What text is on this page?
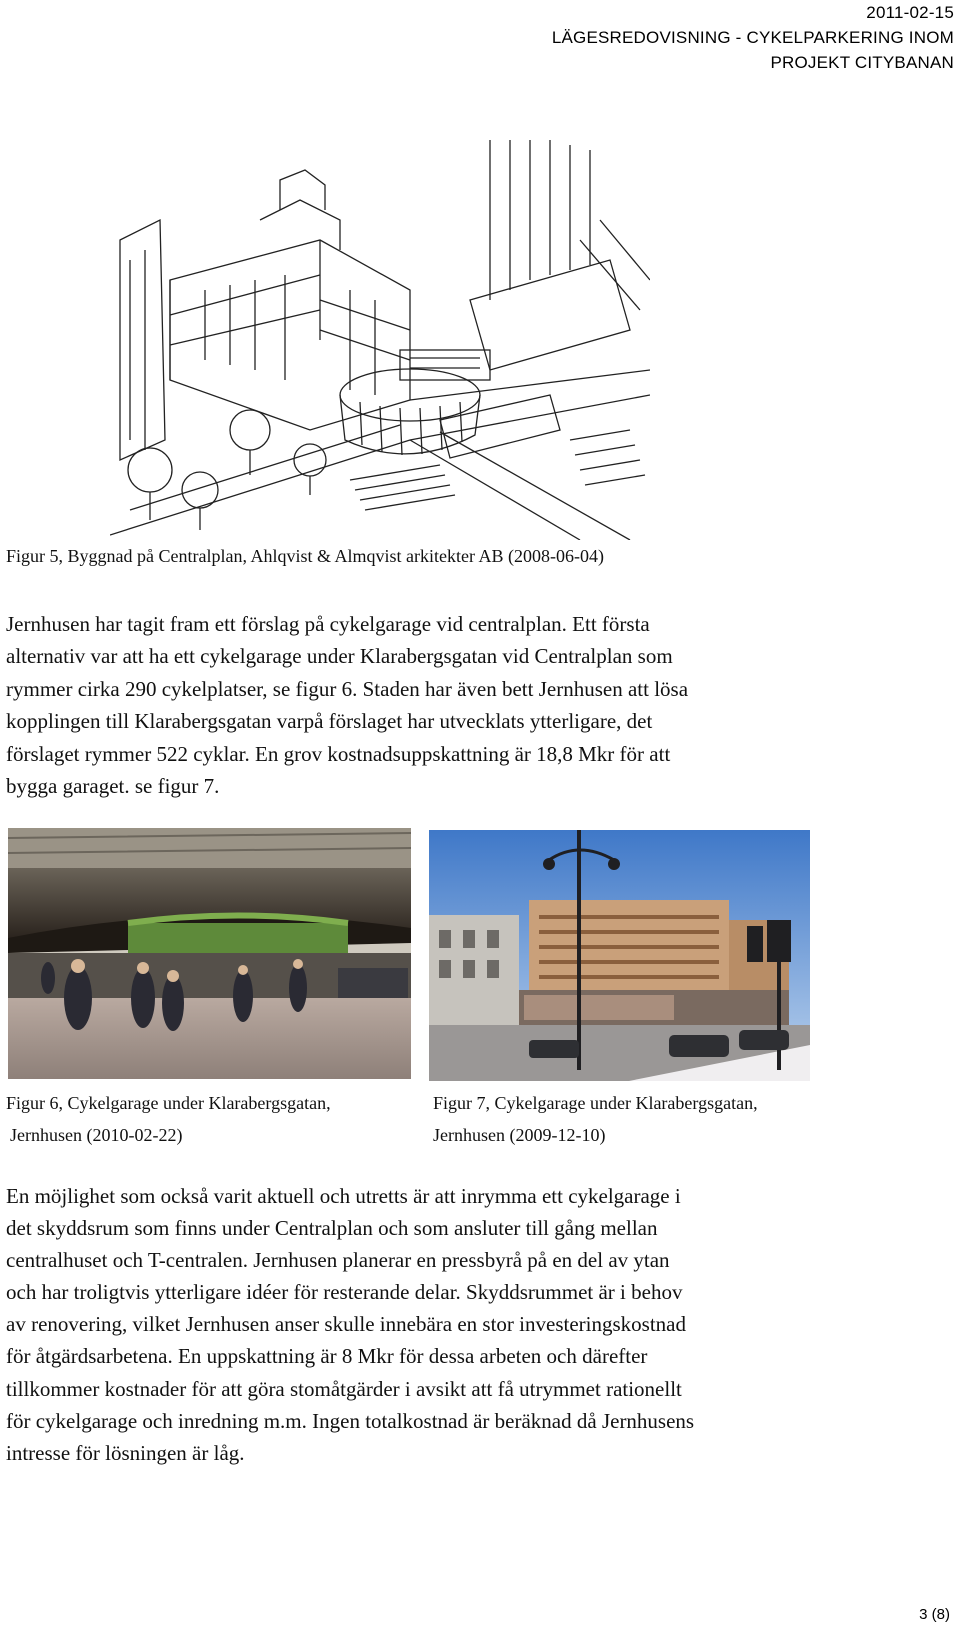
2011-02-15
LÄGESREDOVISNING - CYKELPARKERING INOM
PROJEKT CITYBANAN
Figur 5, Byggnad på Centralplan, Ahlqvist & Almqvist arkitekter AB (2008-06-04)
Jernhusen har tagit fram ett förslag på cykelgarage vid centralplan. Ett första
alternativ var att ha ett cykelgarage under Klarabergsgatan vid Centralplan som
rymmer cirka 290 cykelplatser, se figur 6. Staden har även bett Jernhusen att lösa
kopplingen till Klarabergsgatan varpå förslaget har utvecklats ytterligare, det
förslaget rymmer 522 cyklar. En grov kostnadsuppskattning är 18,8 Mkr för att
bygga garaget. se figur 7.
Figur 6, Cykelgarage under Klarabergsgatan,
Jernhusen (2010-02-22)
Figur 7, Cykelgarage under Klarabergsgatan,
Jernhusen (2009-12-10)
En möjlighet som också varit aktuell och utretts är att inrymma ett cykelgarage i
det skyddsrum som finns under Centralplan och som ansluter till gång mellan
centralhuset och T-centralen. Jernhusen planerar en pressbyrå på en del av ytan
och har troligtvis ytterligare idéer för resterande delar. Skyddsrummet är i behov
av renovering, vilket Jernhusen anser skulle innebära en stor investeringskostnad
för åtgärdsarbetena. En uppskattning är 8 Mkr för dessa arbeten och därefter
tillkommer kostnader för att göra stomåtgärder i avsikt att få utrymmet rationellt
för cykelgarage och inredning m.m. Ingen totalkostnad är beräknad då Jernhusens
intresse för lösningen är låg.
3 (8)
